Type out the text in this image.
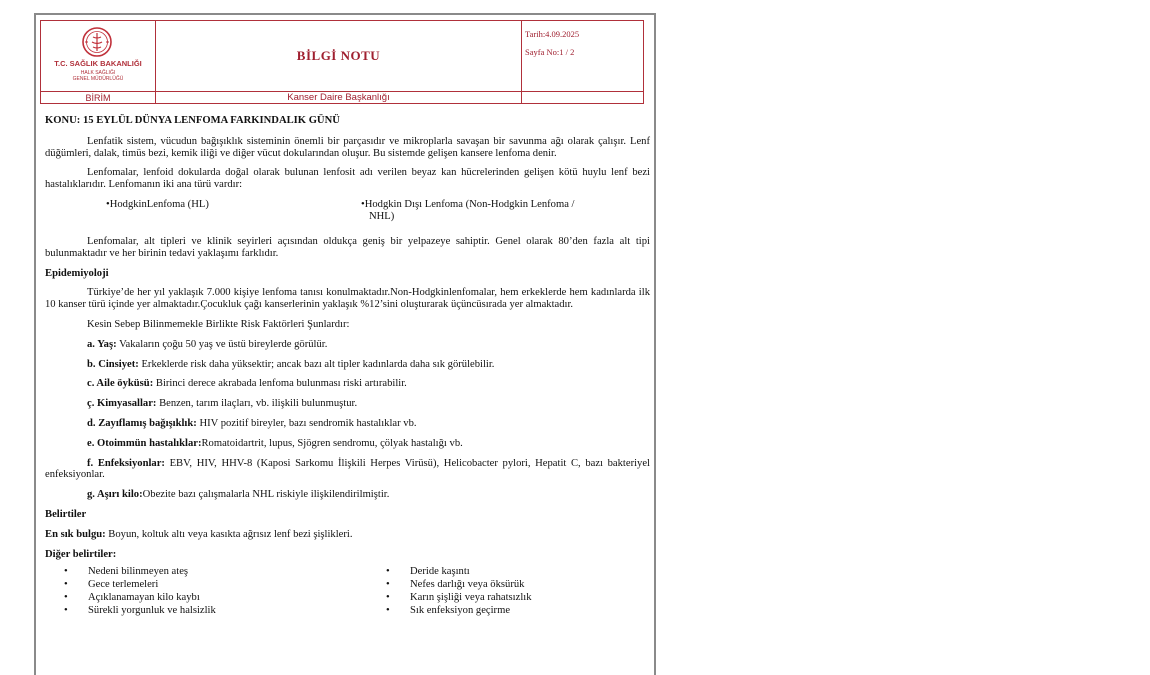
T.C. SAĞLIK BAKANLIĞI
HALK SAĞLIĞI
GENEL MÜDÜRLÜĞÜ
BİLGİ NOTU
Tarih:4.09.2025
Sayfa No:1 / 2
BİRİM	Kanser Daire Başkanlığı
KONU: 15 EYLÜL DÜNYA LENFOMA FARKINDALIK GÜNÜ

Lenfatik sistem, vücudun bağışıklık sisteminin önemli bir parçasıdır ve mikroplarla savaşan bir savunma ağı olarak çalışır. Lenf düğümleri, dalak, timüs bezi, kemik iliği ve diğer vücut dokularından oluşur. Bu sistemde gelişen kansere lenfoma denir.

Lenfomalar, lenfoid dokularda doğal olarak bulunan lenfosit adı verilen beyaz kan hücrelerinden gelişen kötü huylu lenf bezi hastalıklarıdır. Lenfomanın iki ana türü vardır:

•HodgkinLenfoma (HL)	•Hodgkin Dışı Lenfoma (Non-Hodgkin Lenfoma /
NHL)

Lenfomalar, alt tipleri ve klinik seyirleri açısından oldukça geniş bir yelpazeye sahiptir. Genel olarak 80’den fazla alt tipi bulunmaktadır ve her birinin tedavi yaklaşımı farklıdır.

Epidemiyoloji

Türkiye’de her yıl yaklaşık 7.000 kişiye lenfoma tanısı konulmaktadır.Non-Hodgkinlenfomalar, hem erkeklerde hem kadınlarda ilk 10 kanser türü içinde yer almaktadır.Çocukluk çağı kanserlerinin yaklaşık %12’sini oluşturarak üçüncüsırada yer almaktadır.

Kesin Sebep Bilinmemekle Birlikte Risk Faktörleri Şunlardır:

a. Yaş: Vakaların çoğu 50 yaş ve üstü bireylerde görülür.
b. Cinsiyet: Erkeklerde risk daha yüksektir; ancak bazı alt tipler kadınlarda daha sık görülebilir.
c. Aile öyküsü: Birinci derece akrabada lenfoma bulunması riski artırabilir.
ç. Kimyasallar: Benzen, tarım ilaçları, vb. ilişkili bulunmuştur.
d. Zayıflamış bağışıklık: HIV pozitif bireyler, bazı sendromik hastalıklar vb.
e. Otoimmün hastalıklar:Romatoidartrit, lupus, Sjögren sendromu, çölyak hastalığı vb.
f. Enfeksiyonlar: EBV, HIV, HHV-8 (Kaposi Sarkomu İlişkili Herpes Virüsü), Helicobacter pylori, Hepatit C, bazı bakteriyel enfeksiyonlar.
g. Aşırı kilo:Obezite bazı çalışmalarla NHL riskiyle ilişkilendirilmiştir.
Belirtiler

En sık bulgu: Boyun, koltuk altı veya kasıkta ağrısız lenf bezi şişlikleri.

Diğer belirtiler:
• Nedeni bilinmeyen ateş
• Gece terlemeleri
• Açıklanamayan kilo kaybı
• Sürekli yorgunluk ve halsizlik
• Deride kaşıntı
• Nefes darlığı veya öksürük
• Karın şişliği veya rahatsızlık
• Sık enfeksiyon geçirme
